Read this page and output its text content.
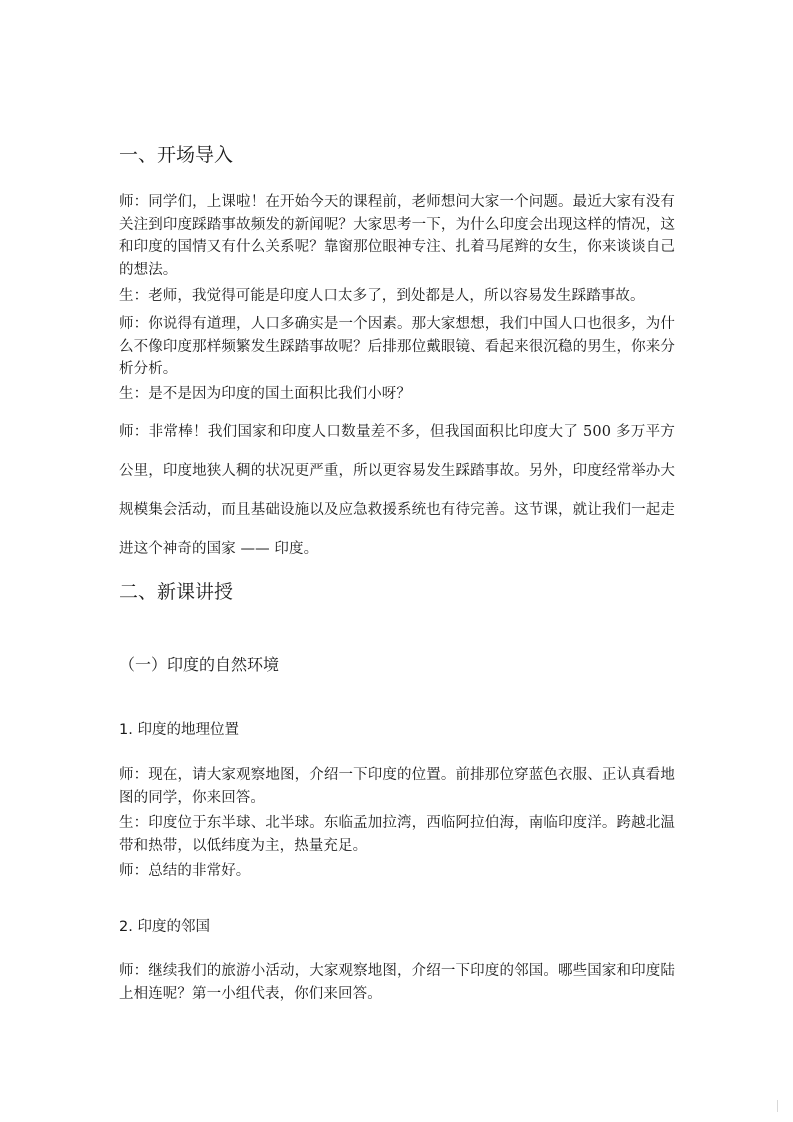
一、开场导入

师：同学们，上课啦！在开始今天的课程前，老师想问大家一个问题。最近大家有没有关注到印度踩踏事故频发的新闻呢？大家思考一下，为什么印度会出现这样的情况，这和印度的国情又有什么关系呢？靠窗那位眼神专注、扎着马尾辫的女生，你来谈谈自己的想法。

生：老师，我觉得可能是印度人口太多了，到处都是人，所以容易发生踩踏事故。

师：你说得有道理，人口多确实是一个因素。那大家想想，我们中国人口也很多，为什么不像印度那样频繁发生踩踏事故呢？后排那位戴眼镜、看起来很沉稳的男生，你来分析分析。

生：是不是因为印度的国土面积比我们小呀？

师：非常棒！我们国家和印度人口数量差不多，但我国面积比印度大了 500 多万平方公里，印度地狭人稠的状况更严重，所以更容易发生踩踏事故。另外，印度经常举办大规模集会活动，而且基础设施以及应急救援系统也有待完善。这节课，就让我们一起走进这个神奇的国家 —— 印度。

二、新课讲授
（一）印度的自然环境
1. 印度的地理位置

师：现在，请大家观察地图，介绍一下印度的位置。前排那位穿蓝色衣服、正认真看地图的同学，你来回答。

生：印度位于东半球、北半球。东临孟加拉湾，西临阿拉伯海，南临印度洋。跨越北温带和热带，以低纬度为主，热量充足。

师：总结的非常好。

2. 印度的邻国

师：继续我们的旅游小活动，大家观察地图，介绍一下印度的邻国。哪些国家和印度陆上相连呢？第一小组代表，你们来回答。
